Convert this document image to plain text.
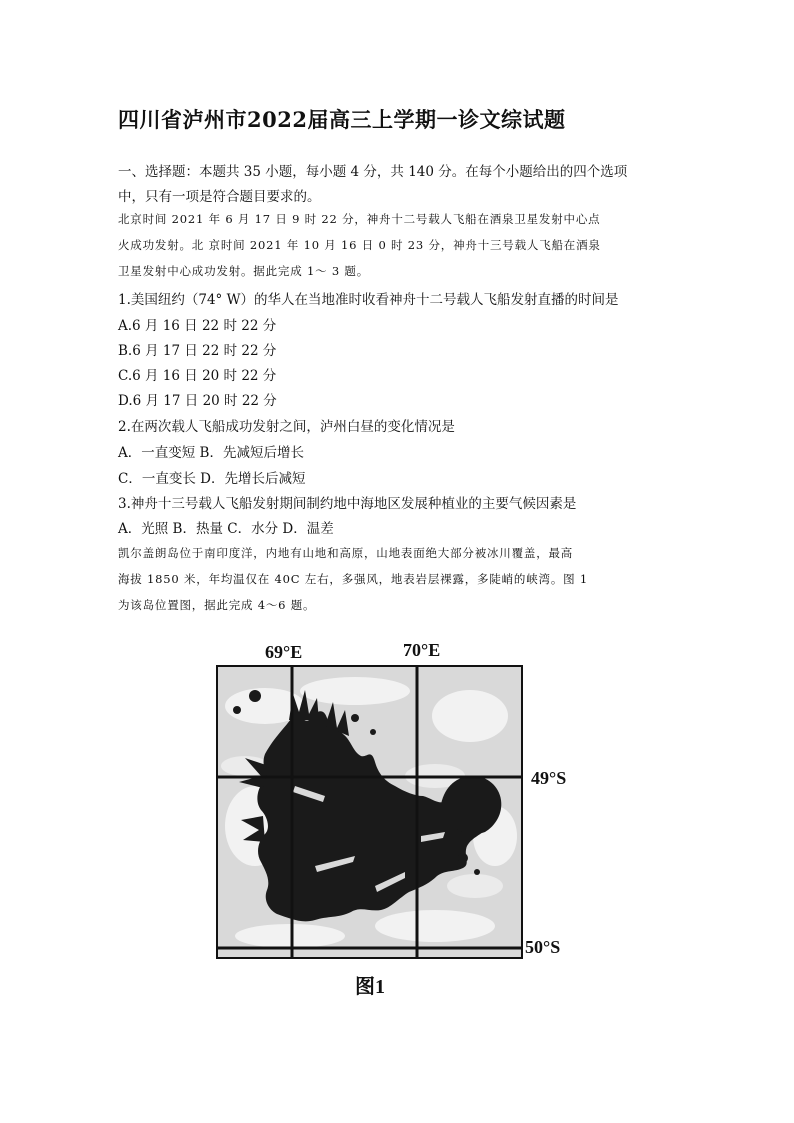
四川省泸州市2022届高三上学期一诊文综试题
一、选择题：本题共 35 小题，每小题 4 分，共 140 分。在每个小题给出的四个选项
中，只有一项是符合题目要求的。
北京时间 2021 年 6 月 17 日 9 时 22 分，神舟十二号载人飞船在酒泉卫星发射中心点
火成功发射。北 京时间 2021 年 10 月 16 日 0 时 23 分，神舟十三号载人飞船在酒泉
卫星发射中心成功发射。据此完成 1～ 3 题。
1.美国纽约（74° W）的华人在当地准时收看神舟十二号载人飞船发射直播的时间是
A.6 月 16 日 22 时 22 分
B.6 月 17 日 22 时 22 分
C.6 月 16 日 20 时 22 分
D.6 月 17 日 20 时 22 分
2.在两次载人飞船成功发射之间，泸州白昼的变化情况是
A．一直变短 B．先减短后增长
C．一直变长 D．先增长后减短
3.神舟十三号载人飞船发射期间制约地中海地区发展种植业的主要气候因素是
A．光照 B．热量 C．水分 D．温差
凯尔盖朗岛位于南印度洋，内地有山地和高原，山地表面绝大部分被冰川覆盖，最高
海拔 1850 米，年均温仅在 40C 左右，多强风，地表岩层裸露，多陡峭的峡湾。图 1
为该岛位置图，据此完成 4～6 题。
69°E	70°E
49°S
50°S
图1
